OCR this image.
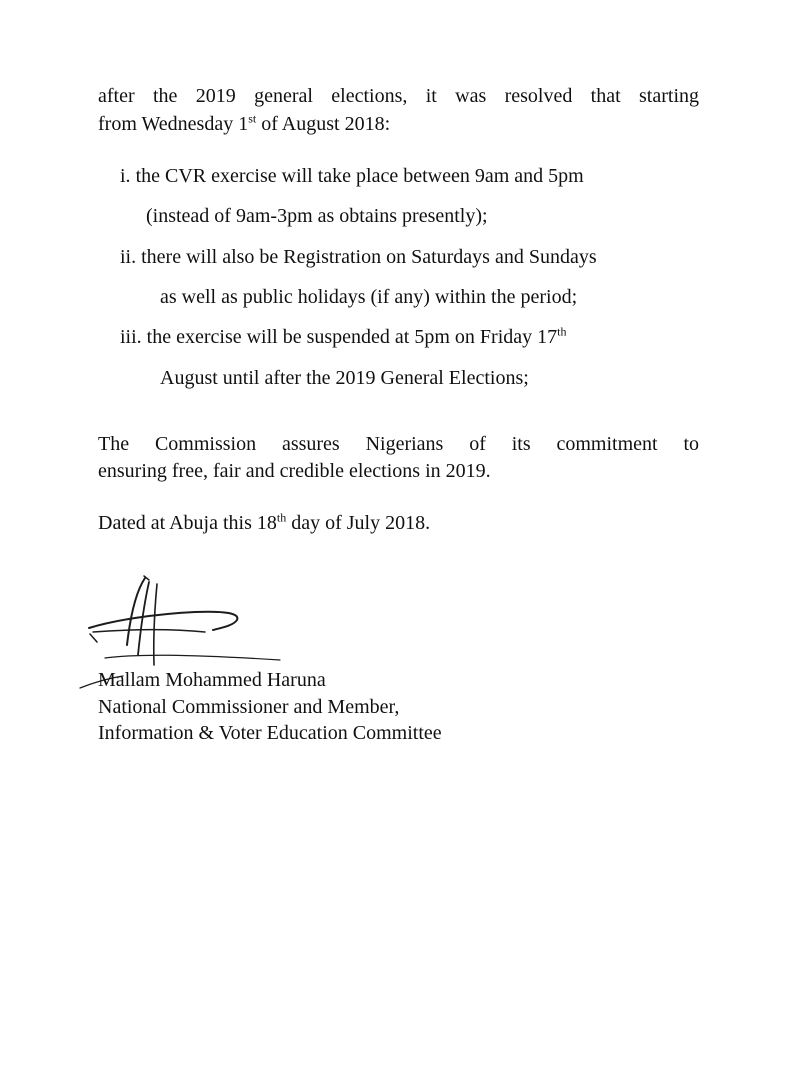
after the 2019 general elections, it was resolved that starting
from Wednesday 1st of August 2018:
i. the CVR exercise will take place between 9am and 5pm
(instead of 9am-3pm as obtains presently);
ii. there will also be Registration on Saturdays and Sundays
as well as public holidays (if any) within the period;
iii. the exercise will be suspended at 5pm on Friday 17th
August until after the 2019 General Elections;
The Commission assures Nigerians of its commitment to
ensuring free, fair and credible elections in 2019.
Dated at Abuja this 18th day of July 2018.
Mallam Mohammed Haruna
National Commissioner and Member,
Information & Voter Education Committee
